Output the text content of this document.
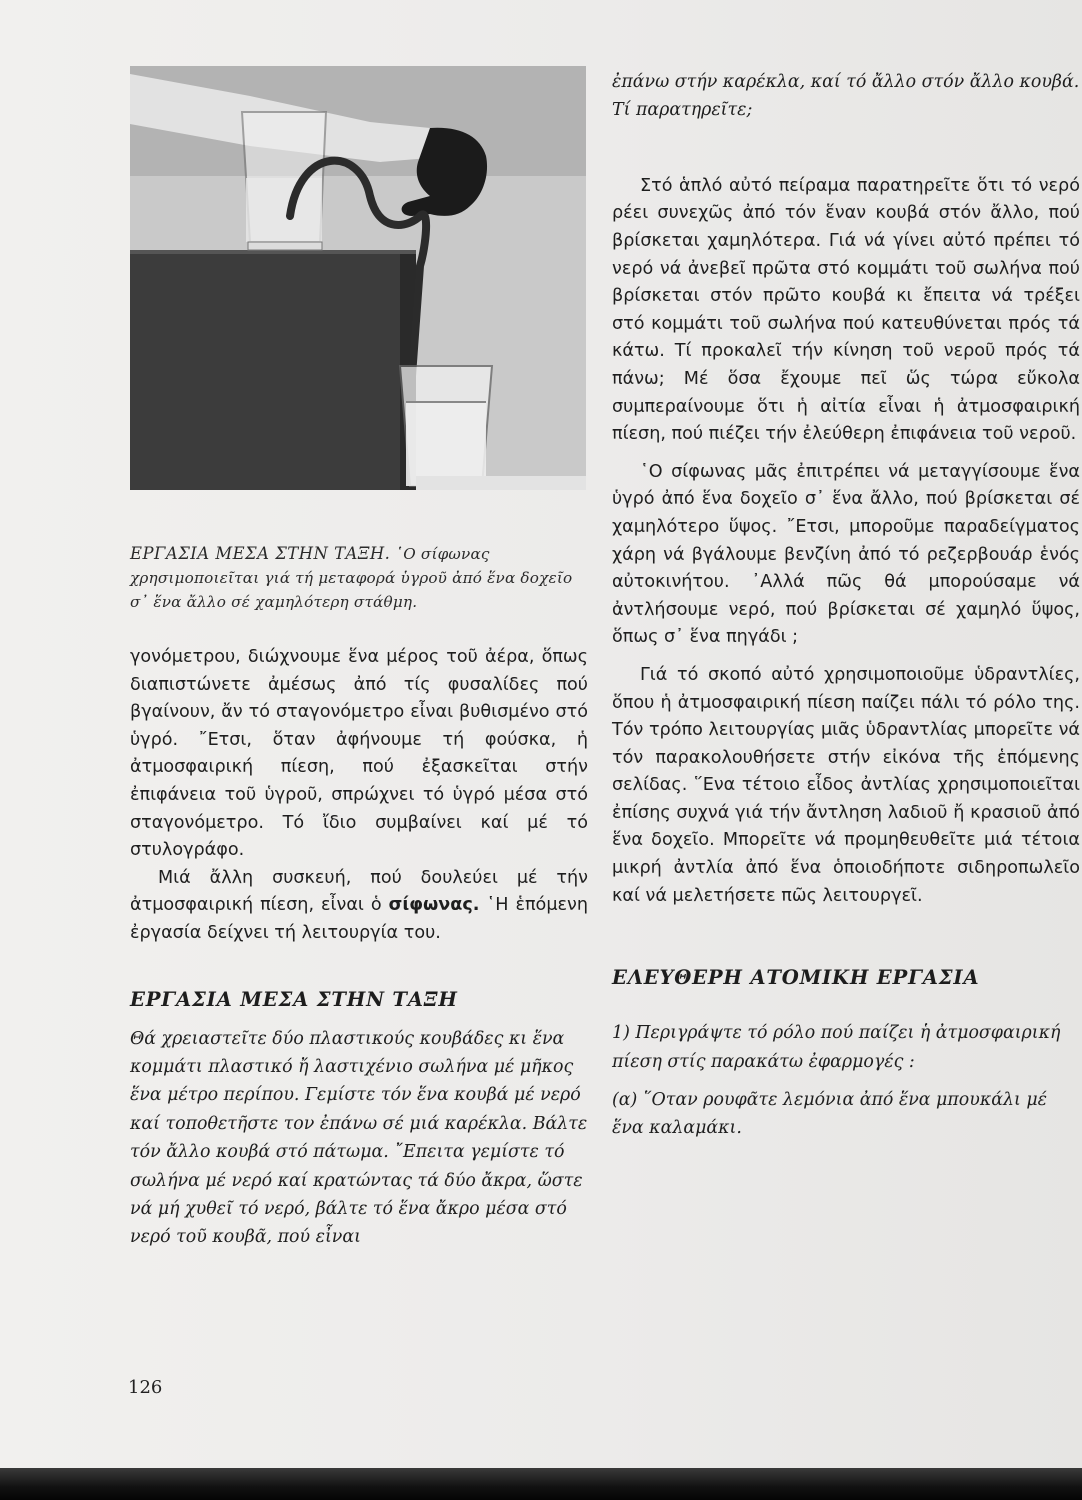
ΕΡΓΑΣΙΑ ΜΕΣΑ ΣΤΗΝ ΤΑΞΗ. ῾Ο σίφωνας χρησιμοποιεῖται γιά τή μεταφορά ὑγροῦ ἀπό ἕνα δοχεῖο σ᾿ ἕνα ἄλλο σέ χαμηλότερη στάθμη.

γονόμετρου, διώχνουμε ἕνα μέρος τοῦ ἀέρα, ὅπως διαπιστώνετε ἀμέσως ἀπό τίς φυσαλίδες πού βγαίνουν, ἄν τό σταγονόμετρο εἶναι βυθισμένο στό ὑγρό. ῎Ετσι, ὅταν ἀφήνουμε τή φούσκα, ἡ ἀτμοσφαιρική πίεση, πού ἐξασκεῖται στήν ἐπιφάνεια τοῦ ὑγροῦ, σπρώχνει τό ὑγρό μέσα στό σταγονόμετρο. Τό ἴδιο συμβαίνει καί μέ τό στυλογράφο.

Μιά ἄλλη συσκευή, πού δουλεύει μέ τήν ἀτμοσφαιρική πίεση, εἶναι ὁ σίφωνας. ῾Η ἑπόμενη ἐργασία δείχνει τή λειτουργία του.

ΕΡΓΑΣΙΑ ΜΕΣΑ ΣΤΗΝ ΤΑΞΗ

Θά χρειαστεῖτε δύο πλαστικούς κουβάδες κι ἕνα κομμάτι πλαστικό ἤ λαστιχένιο σωλήνα μέ μῆκος ἕνα μέτρο περίπου. Γεμίστε τόν ἕνα κουβά μέ νερό καί τοποθετῆστε τον ἐπάνω σέ μιά καρέκλα. Βάλτε τόν ἄλλο κουβά στό πάτωμα. ῎Επειτα γεμίστε τό σωλήνα μέ νερό καί κρατώντας τά δύο ἄκρα, ὥστε νά μή χυθεῖ τό νερό, βάλτε τό ἕνα ἄκρο μέσα στό νερό τοῦ κουβᾶ, πού εἶναι

ἐπάνω στήν καρέκλα, καί τό ἄλλο στόν ἄλλο κουβά. Τί παρατηρεῖτε;

Στό ἁπλό αὐτό πείραμα παρατηρεῖτε ὅτι τό νερό ρέει συνεχῶς ἀπό τόν ἕναν κουβά στόν ἄλλο, πού βρίσκεται χαμηλότερα. Γιά νά γίνει αὐτό πρέπει τό νερό νά ἀνεβεῖ πρῶτα στό κομμάτι τοῦ σωλήνα πού βρίσκεται στόν πρῶτο κουβά κι ἔπειτα νά τρέξει στό κομμάτι τοῦ σωλήνα πού κατευθύνεται πρός τά κάτω. Τί προκαλεῖ τήν κίνηση τοῦ νεροῦ πρός τά πάνω; Μέ ὅσα ἔχουμε πεῖ ὥς τώρα εὔκολα συμπεραίνουμε ὅτι ἡ αἰτία εἶναι ἡ ἀτμοσφαιρική πίεση, πού πιέζει τήν ἐλεύθερη ἐπιφάνεια τοῦ νεροῦ.

῾Ο σίφωνας μᾶς ἐπιτρέπει νά μεταγγίσουμε ἕνα ὑγρό ἀπό ἕνα δοχεῖο σ᾿ ἕνα ἄλλο, πού βρίσκεται σέ χαμηλότερο ὕψος. ῎Ετσι, μποροῦμε παραδείγματος χάρη νά βγάλουμε βενζίνη ἀπό τό ρεζερβουάρ ἑνός αὐτοκινήτου. ᾿Αλλά πῶς θά μπορούσαμε νά ἀντλήσουμε νερό, πού βρίσκεται σέ χαμηλό ὕψος, ὅπως σ᾿ ἕνα πηγάδι ;

Γιά τό σκοπό αὐτό χρησιμοποιοῦμε ὑδραντλίες, ὅπου ἡ ἀτμοσφαιρική πίεση παίζει πάλι τό ρόλο της. Τόν τρόπο λειτουργίας μιᾶς ὑδραντλίας μπορεῖτε νά τόν παρακολουθήσετε στήν εἰκόνα τῆς ἑπόμενης σελίδας. ῞Ενα τέτοιο εἶδος ἀντλίας χρησιμοποιεῖται ἐπίσης συχνά γιά τήν ἄντληση λαδιοῦ ἤ κρασιοῦ ἀπό ἕνα δοχεῖο. Μπορεῖτε νά προμηθευθεῖτε μιά τέτοια μικρή ἀντλία ἀπό ἕνα ὁποιοδήποτε σιδηροπωλεῖο καί νά μελετήσετε πῶς λειτουργεῖ.

ΕΛΕΥΘΕΡΗ ΑΤΟΜΙΚΗ ΕΡΓΑΣΙΑ

1) Περιγράψτε τό ρόλο πού παίζει ἡ ἀτμοσφαιρική πίεση στίς παρακάτω ἐφαρμογές :

(α) ῞Οταν ρουφᾶτε λεμόνια ἀπό ἕνα μπουκάλι μέ ἕνα καλαμάκι.

126
